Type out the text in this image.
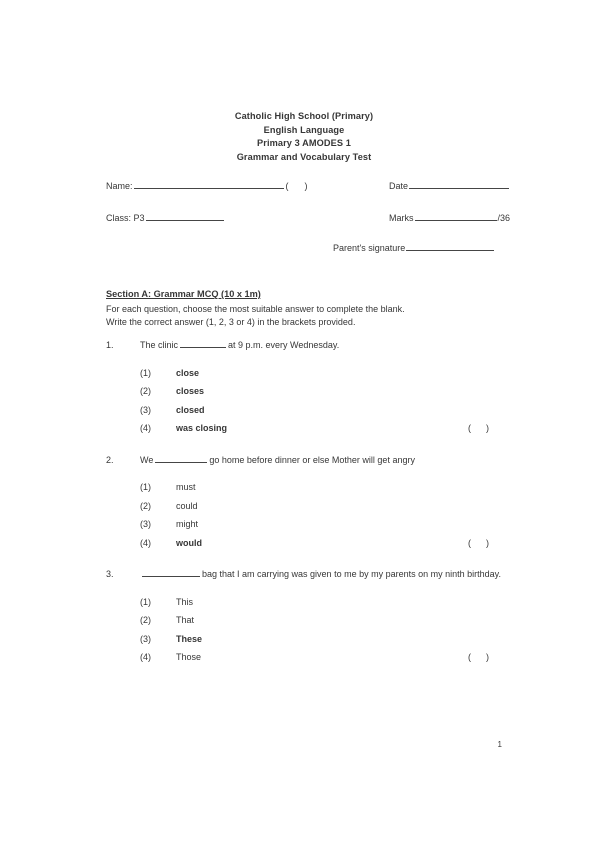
Catholic High School (Primary)
English Language
Primary 3 AMODES 1
Grammar and Vocabulary Test
Name:	( )	Date
Class: P3	Marks	/36
Parent's signature
Section A: Grammar MCQ (10 x 1m)

For each question, choose the most suitable answer to complete the blank.

Write the correct answer (1, 2, 3 or 4) in the brackets provided.

1.	The clinic	at 9 p.m. every Wednesday.
(1)	close
(2)	closes
(3)	closed
(4)	was closing	( )
2.	We	go home before dinner or else Mother will get angry
(1)	must
(2)	could
(3)	might
(4)	would	( )
3.	bag that I am carrying was given to me by my parents on my ninth birthday.
(1)	This
(2)	That
(3)	These
(4)	Those	( )
1
